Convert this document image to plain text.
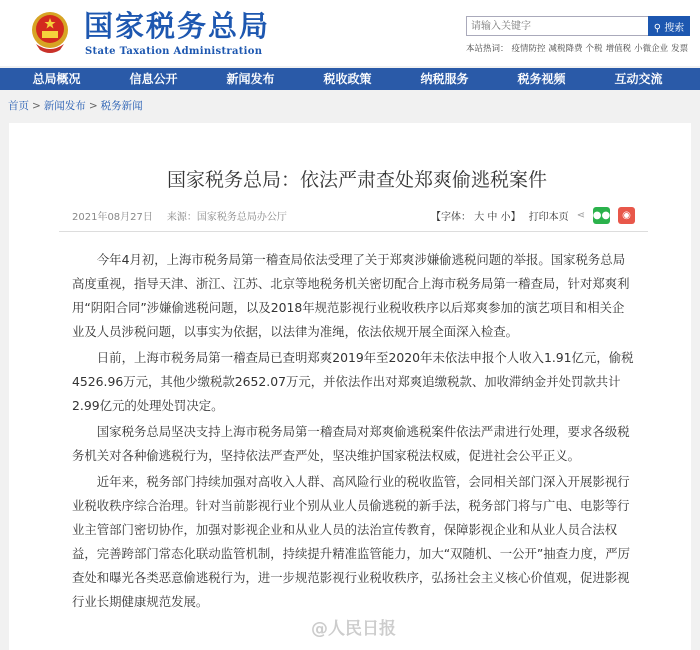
国家税务总局
State Taxation Administration
请输入关键字
⚲ 搜索
本站热词： 疫情防控 减税降费 个税 增值税 小微企业 发票
总局概况	信息公开	新闻发布	税收政策	纳税服务	税务视频	互动交流
首页 > 新闻发布 > 税务新闻
国家税务总局：依法严肃查处郑爽偷逃税案件
2021年08月27日 来源：国家税务总局办公厅	【字体： 大 中 小】 打印本页 ⋖ ●●	◉

今年4月初，上海市税务局第一稽查局依法受理了关于郑爽涉嫌偷逃税问题的举报。国家税务总局高度重视，指导天津、浙江、江苏、北京等地税务机关密切配合上海市税务局第一稽查局，针对郑爽利用“阴阳合同”涉嫌偷逃税问题，以及2018年规范影视行业税收秩序以后郑爽参加的演艺项目和相关企业及人员涉税问题，以事实为依据，以法律为准绳，依法依规开展全面深入检查。

日前，上海市税务局第一稽查局已查明郑爽2019年至2020年未依法申报个人收入1.91亿元，偷税4526.96万元，其他少缴税款2652.07万元，并依法作出对郑爽追缴税款、加收滞纳金并处罚款共计2.99亿元的处理处罚决定。

国家税务总局坚决支持上海市税务局第一稽查局对郑爽偷逃税案件依法严肃进行处理，要求各级税务机关对各种偷逃税行为，坚持依法严查严处，坚决维护国家税法权威，促进社会公平正义。

近年来，税务部门持续加强对高收入人群、高风险行业的税收监管，会同相关部门深入开展影视行业税收秩序综合治理。针对当前影视行业个别从业人员偷逃税的新手法，税务部门将与广电、电影等行业主管部门密切协作，加强对影视企业和从业人员的法治宣传教育，保障影视企业和从业人员合法权益，完善跨部门常态化联动监管机制，持续提升精准监管能力，加大“双随机、一公开”抽查力度，严厉查处和曝光各类恶意偷逃税行为，进一步规范影视行业税收秩序，弘扬社会主义核心价值观，促进影视行业长期健康规范发展。

@人民日报
